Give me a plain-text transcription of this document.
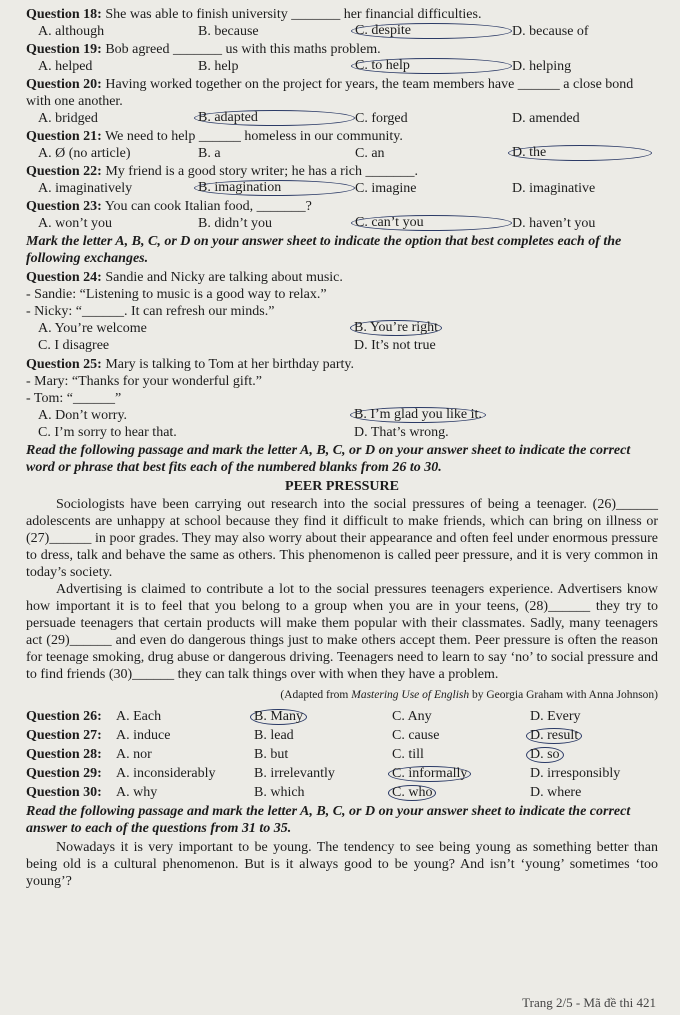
Question 18: She was able to finish university _______ her financial difficulties.

A. although	B. because	C. despite	D. because of

Question 19: Bob agreed _______ us with this maths problem.

A. helped	B. help	C. to help	D. helping

Question 20: Having worked together on the project for years, the team members have ______ a close bond with one another.

A. bridged	B. adapted	C. forged	D. amended

Question 21: We need to help ______ homeless in our community.

A. Ø (no article)	B. a	C. an	D. the

Question 22: My friend is a good story writer; he has a rich _______.

A. imaginatively	B. imagination	C. imagine	D. imaginative

Question 23: You can cook Italian food, _______?

A. won’t you	B. didn’t you	C. can’t you	D. haven’t you

Mark the letter A, B, C, or D on your answer sheet to indicate the option that best completes each of the following exchanges.

Question 24: Sandie and Nicky are talking about music.

- Sandie: “Listening to music is a good way to relax.”

- Nicky: “______. It can refresh our minds.”

A. You’re welcome	B. You’re right
C. I disagree	D. It’s not true

Question 25: Mary is talking to Tom at her birthday party.

- Mary: “Thanks for your wonderful gift.”

- Tom: “______”

A. Don’t worry.	B. I’m glad you like it.
C. I’m sorry to hear that.	D. That’s wrong.

Read the following passage and mark the letter A, B, C, or D on your answer sheet to indicate the correct word or phrase that best fits each of the numbered blanks from 26 to 30.

PEER PRESSURE

Sociologists have been carrying out research into the social pressures of being a teenager. (26)______ adolescents are unhappy at school because they find it difficult to make friends, which can bring on illness or (27)______ in poor grades. They may also worry about their appearance and often feel under enormous pressure to dress, talk and behave the same as others. This phenomenon is called peer pressure, and it is very common in today’s society.

Advertising is claimed to contribute a lot to the social pressures teenagers experience. Advertisers know how important it is to feel that you belong to a group when you are in your teens, (28)______ they try to persuade teenagers that certain products will make them popular with their classmates. Sadly, many teenagers act (29)______ and even do dangerous things just to make others accept them. Peer pressure is often the reason for teenage smoking, drug abuse or dangerous driving. Teenagers need to learn to say ‘no’ to social pressure and to find friends (30)______ they can talk things over with when they have a problem.

(Adapted from Mastering Use of English by Georgia Graham with Anna Johnson)

Question 26:	A. Each	B. Many	C. Any	D. Every
Question 27:	A. induce	B. lead	C. cause	D. result
Question 28:	A. nor	B. but	C. till	D. so
Question 29:	A. inconsiderably	B. irrelevantly	C. informally	D. irresponsibly
Question 30:	A. why	B. which	C. who	D. where

Read the following passage and mark the letter A, B, C, or D on your answer sheet to indicate the correct answer to each of the questions from 31 to 35.

Nowadays it is very important to be young. The tendency to see being young as something better than being old is a cultural phenomenon. But is it always good to be young? And isn’t ‘young’ sometimes ‘too young’?

Trang 2/5 - Mã đề thi 421
